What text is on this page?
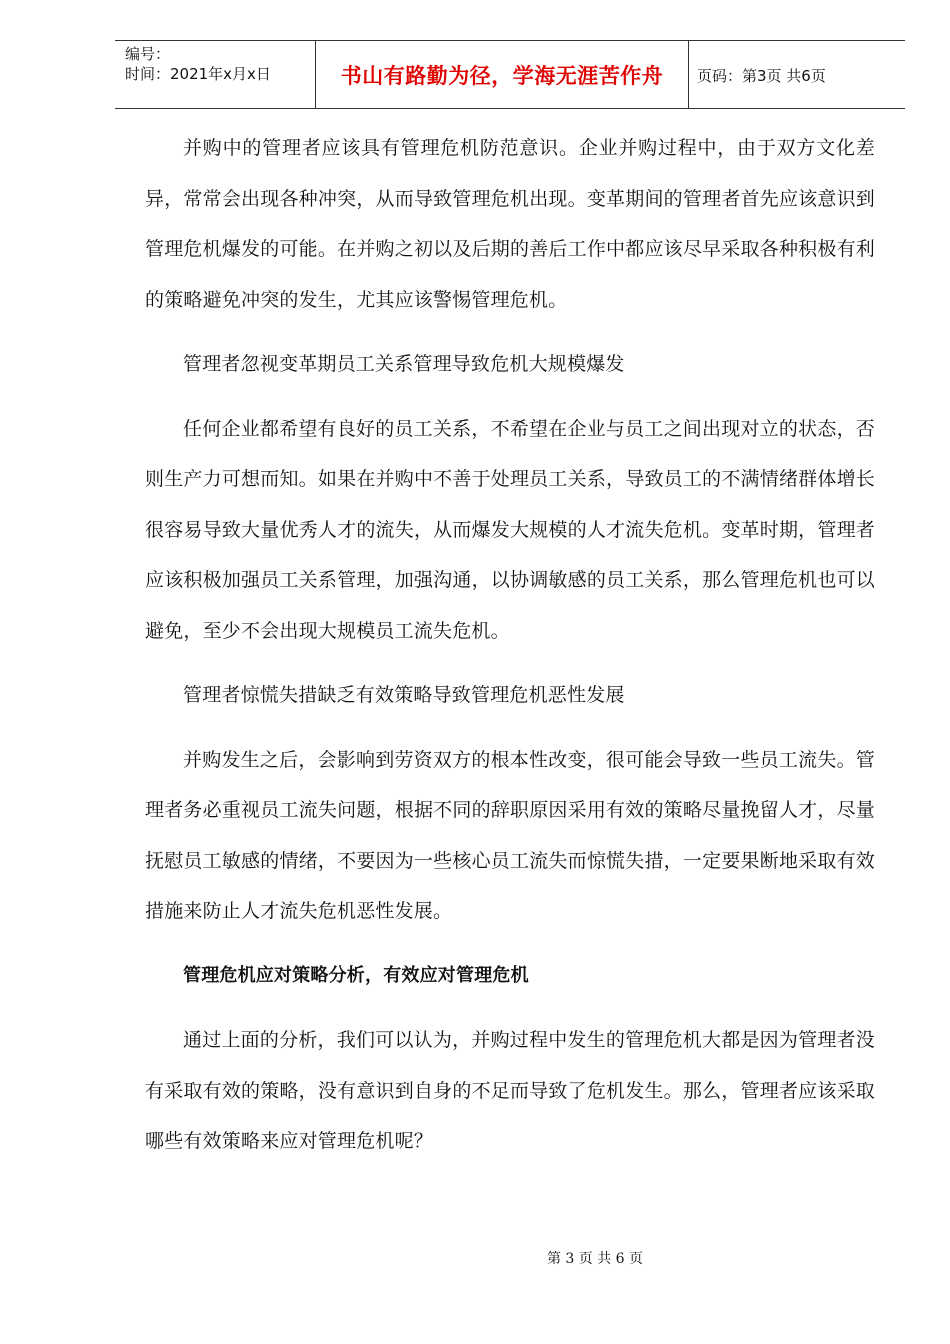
编号：
时间：2021年x月x日	书山有路勤为径，学海无涯苦作舟	页码：第3页 共6页

并购中的管理者应该具有管理危机防范意识。企业并购过程中，由于双方文化差异，常常会出现各种冲突，从而导致管理危机出现。变革期间的管理者首先应该意识到管理危机爆发的可能。在并购之初以及后期的善后工作中都应该尽早采取各种积极有利的策略避免冲突的发生，尤其应该警惕管理危机。

管理者忽视变革期员工关系管理导致危机大规模爆发

任何企业都希望有良好的员工关系，不希望在企业与员工之间出现对立的状态，否则生产力可想而知。如果在并购中不善于处理员工关系，导致员工的不满情绪群体增长很容易导致大量优秀人才的流失，从而爆发大规模的人才流失危机。变革时期，管理者应该积极加强员工关系管理，加强沟通，以协调敏感的员工关系，那么管理危机也可以避免，至少不会出现大规模员工流失危机。

管理者惊慌失措缺乏有效策略导致管理危机恶性发展

并购发生之后，会影响到劳资双方的根本性改变，很可能会导致一些员工流失。管理者务必重视员工流失问题，根据不同的辞职原因采用有效的策略尽量挽留人才，尽量抚慰员工敏感的情绪，不要因为一些核心员工流失而惊慌失措，一定要果断地采取有效措施来防止人才流失危机恶性发展。

管理危机应对策略分析，有效应对管理危机

通过上面的分析，我们可以认为，并购过程中发生的管理危机大都是因为管理者没有采取有效的策略，没有意识到自身的不足而导致了危机发生。那么，管理者应该采取哪些有效策略来应对管理危机呢？

第 3 页 共 6 页
